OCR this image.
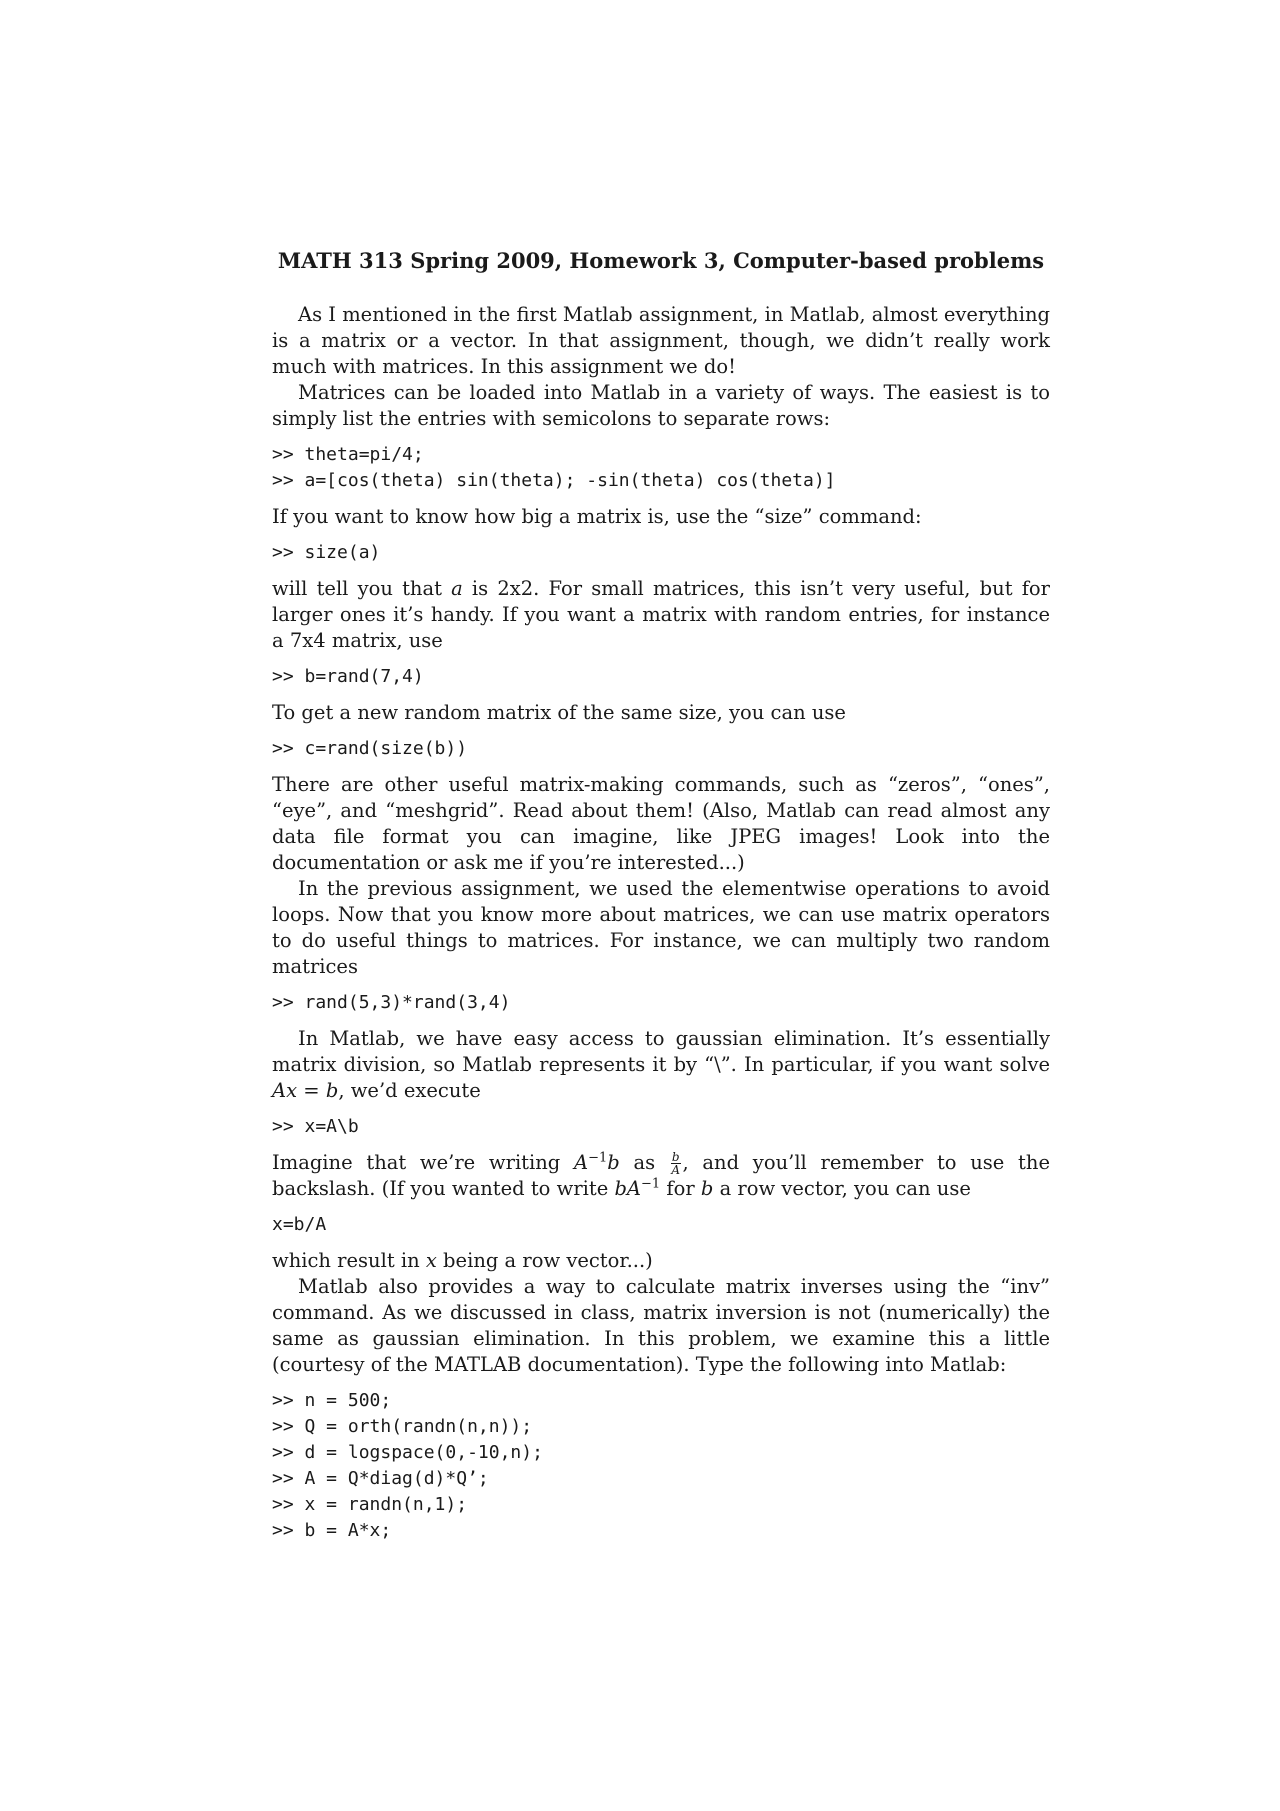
MATH 313 Spring 2009, Homework 3, Computer-based problems

As I mentioned in the first Matlab assignment, in Matlab, almost everything is a matrix or a vector. In that assignment, though, we didn’t really work much with matrices. In this assignment we do!

Matrices can be loaded into Matlab in a variety of ways. The easiest is to simply list the entries with semicolons to separate rows:

>> theta=pi/4;
>> a=[cos(theta) sin(theta); -sin(theta) cos(theta)]

If you want to know how big a matrix is, use the “size” command:

>> size(a)

will tell you that a is 2x2. For small matrices, this isn’t very useful, but for larger ones it’s handy. If you want a matrix with random entries, for instance a 7x4 matrix, use

>> b=rand(7,4)

To get a new random matrix of the same size, you can use

>> c=rand(size(b))

There are other useful matrix-making commands, such as “zeros”, “ones”, “eye”, and “meshgrid”. Read about them! (Also, Matlab can read almost any data file format you can imagine, like JPEG images! Look into the documentation or ask me if you’re interested...)

In the previous assignment, we used the elementwise operations to avoid loops. Now that you know more about matrices, we can use matrix operators to do useful things to matrices. For instance, we can multiply two random matrices

>> rand(5,3)*rand(3,4)

In Matlab, we have easy access to gaussian elimination. It’s essentially matrix division, so Matlab represents it by “\”. In particular, if you want solve Ax = b, we’d execute

>> x=A\b

Imagine that we’re writing $A^{-1}b$ as $\frac{b}{A}$ , and you’ll remember to use the backslash. (If you wanted to write $bA^{-1}$ for b a row vector, you can use

x=b/A

which result in x being a row vector...)

Matlab also provides a way to calculate matrix inverses using the “inv” command. As we discussed in class, matrix inversion is not (numerically) the same as gaussian elimination. In this problem, we examine this a little (courtesy of the MATLAB documentation). Type the following into Matlab:

>> n = 500;
>> Q = orth(randn(n,n));
>> d = logspace(0,-10,n);
>> A = Q*diag(d)*Q’;
>> x = randn(n,1);
>> b = A*x;
